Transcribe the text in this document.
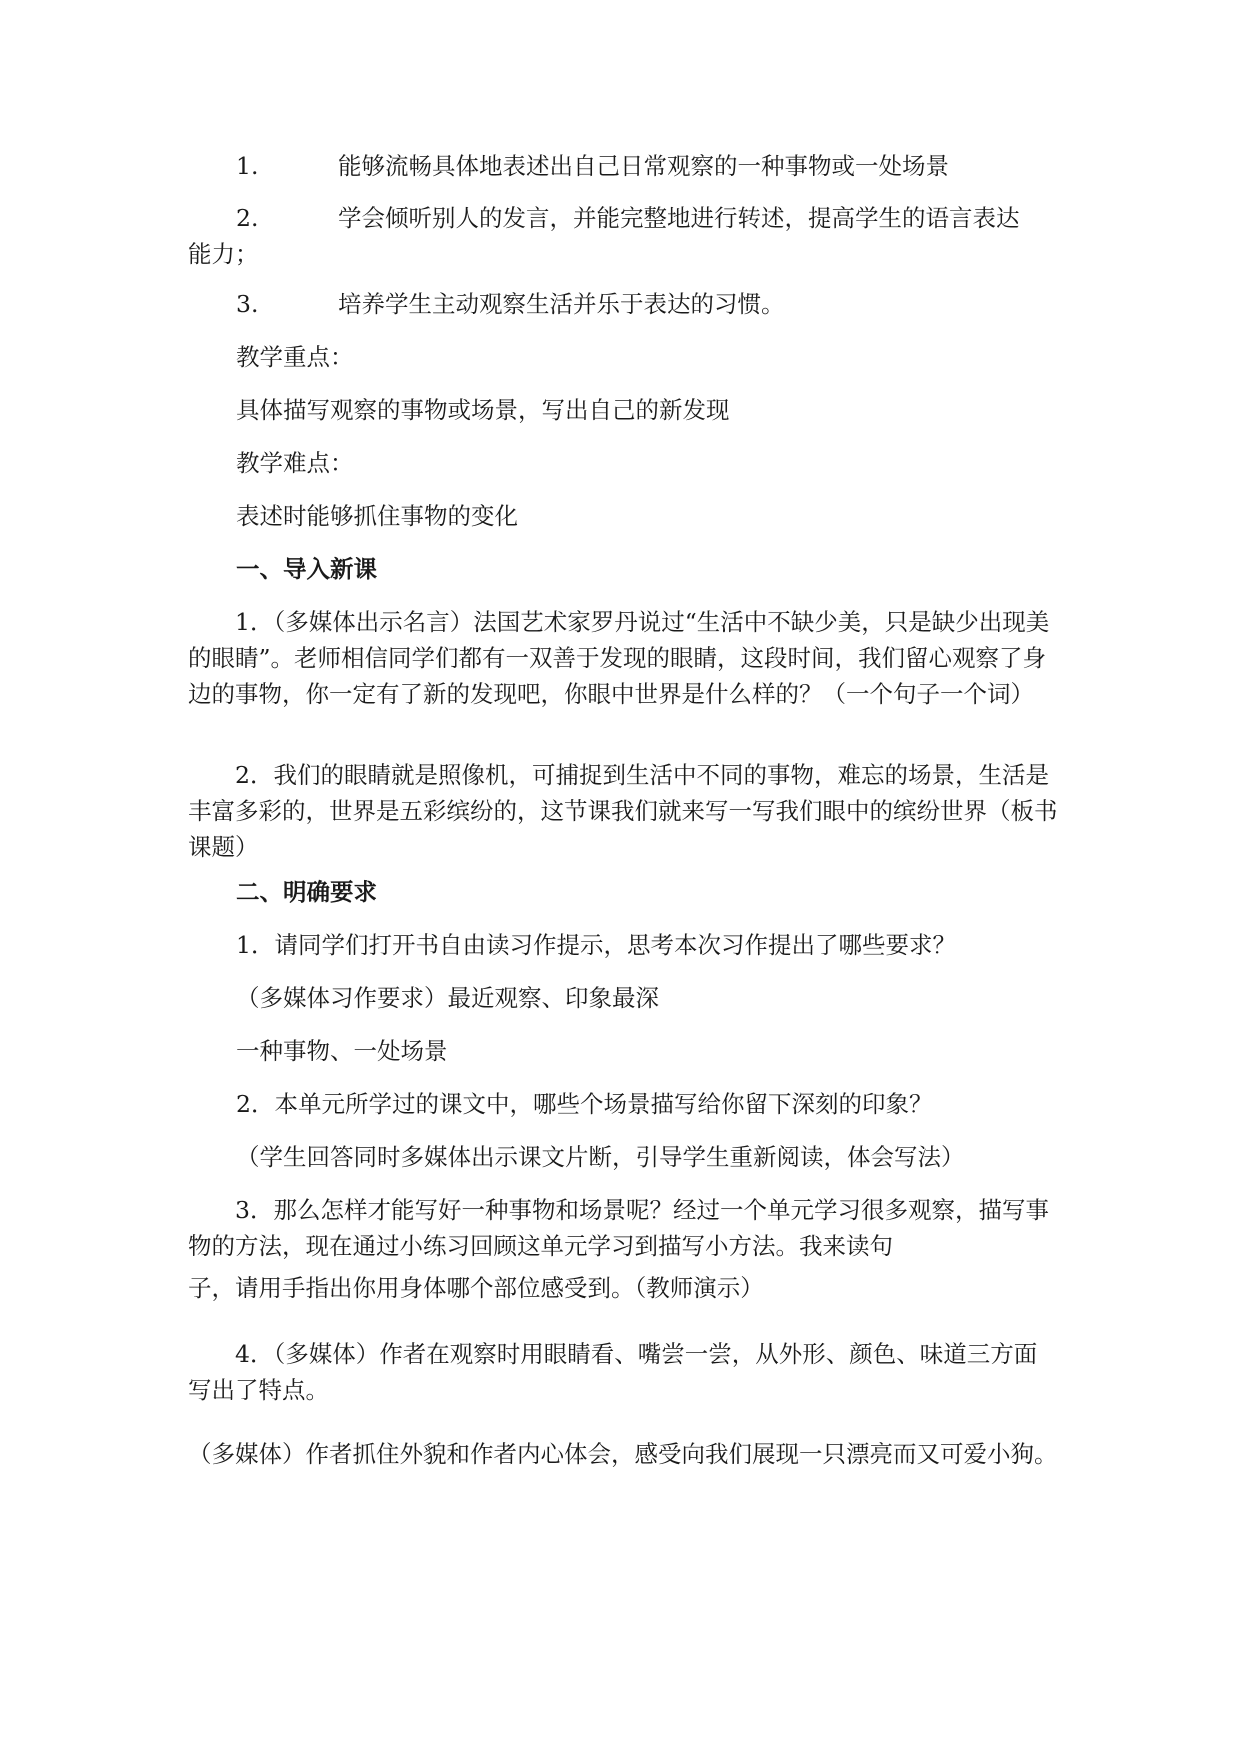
1.	能够流畅具体地表述出自己日常观察的一种事物或一处场景

2.	学会倾听别人的发言，并能完整地进行转述，提高学生的语言表达
能力；

3.	培养学生主动观察生活并乐于表达的习惯。

教学重点：

具体描写观察的事物或场景，写出自己的新发现

教学难点：

表述时能够抓住事物的变化

一、导入新课

1．（多媒体出示名言）法国艺术家罗丹说过“生活中不缺少美，只是缺少出现美的眼睛”。老师相信同学们都有一双善于发现的眼睛，这段时间，我们留心观察了身边的事物，你一定有了新的发现吧，你眼中世界是什么样的？（一个句子一个词）

2．我们的眼睛就是照像机，可捕捉到生活中不同的事物，难忘的场景，生活是丰富多彩的，世界是五彩缤纷的，这节课我们就来写一写我们眼中的缤纷世界（板书课题）

二、明确要求

1．请同学们打开书自由读习作提示，思考本次习作提出了哪些要求？

（多媒体习作要求）最近观察、印象最深

一种事物、一处场景

2．本单元所学过的课文中，哪些个场景描写给你留下深刻的印象？

（学生回答同时多媒体出示课文片断，引导学生重新阅读，体会写法）

3．那么怎样才能写好一种事物和场景呢？经过一个单元学习很多观察，描写事物的方法，现在通过小练习回顾这单元学习到描写小方法。我来读句

子，请用手指出你用身体哪个部位感受到。（教师演示）

4．（多媒体）作者在观察时用眼睛看、嘴尝一尝，从外形、颜色、味道三方面写出了特点。

（多媒体）作者抓住外貌和作者内心体会，感受向我们展现一只漂亮而又可爱小狗。
